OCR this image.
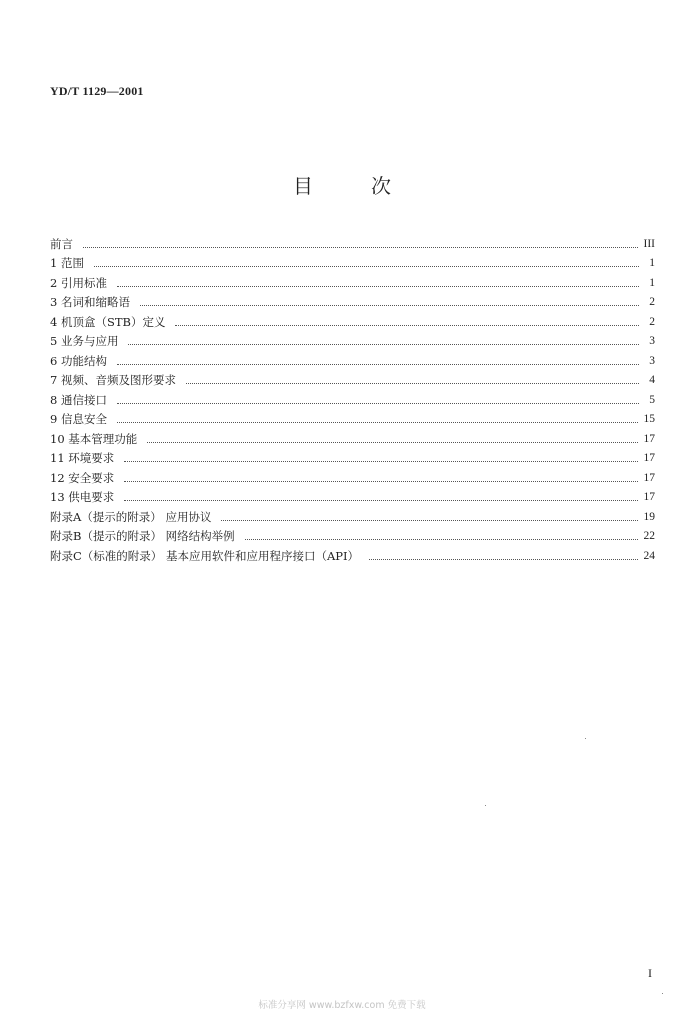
YD/T 1129—2001
目	次
前言	III
1 范围	1
2 引用标准	1
3 名词和缩略语	2
4 机顶盒（STB）定义	2
5 业务与应用	3
6 功能结构	3
7 视频、音频及图形要求	4
8 通信接口	5
9 信息安全	15
10 基本管理功能	17
11 环境要求	17
12 安全要求	17
13 供电要求	17
附录A（提示的附录） 应用协议	19
附录B（提示的附录） 网络结构举例	22
附录C（标准的附录） 基本应用软件和应用程序接口（API）	24
I
标准分享网 www.bzfxw.com 免费下载
